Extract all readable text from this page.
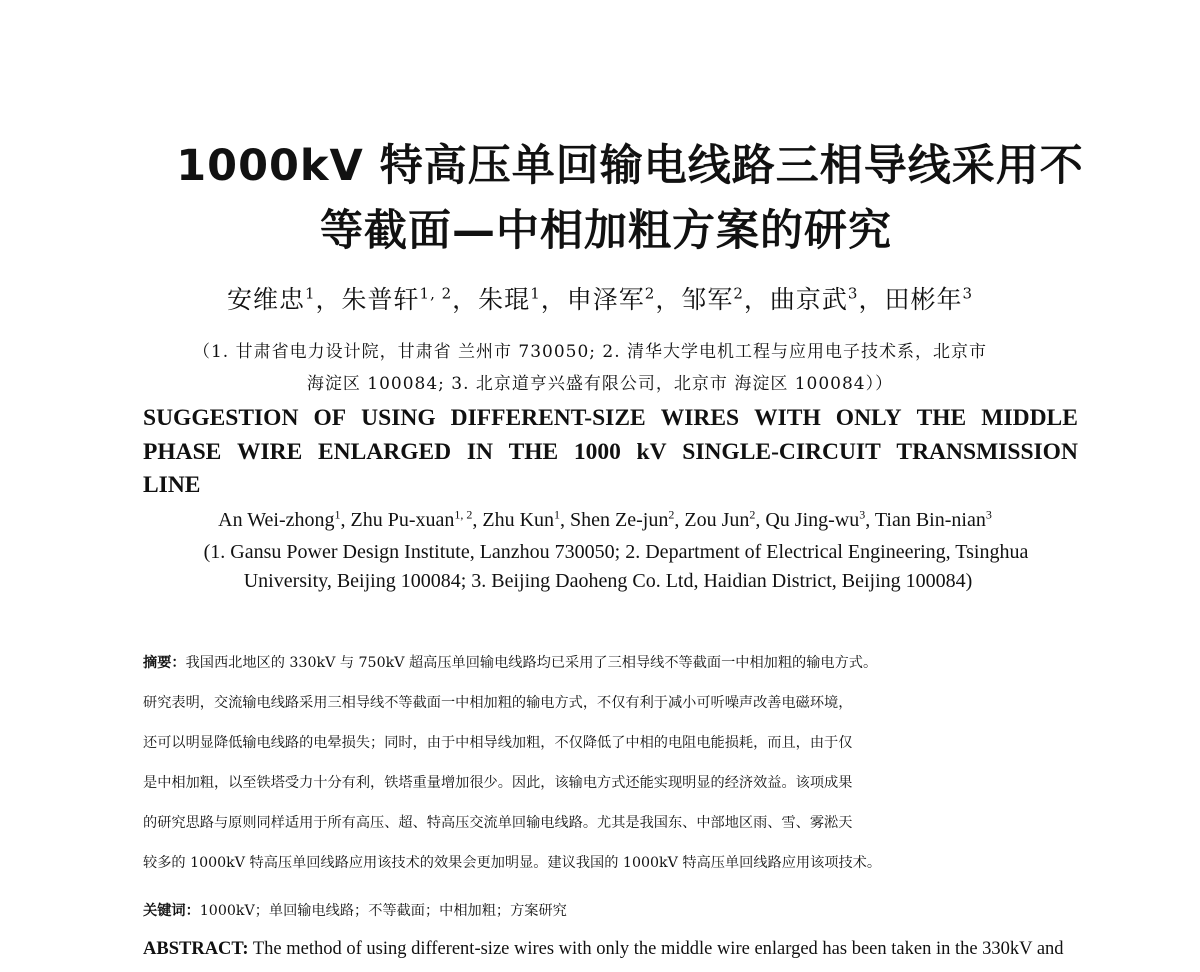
1000kV 特高压单回输电线路三相导线采用不
等截面—中相加粗方案的研究
安维忠$^1$，朱普轩$^{1, 2}$，朱琨$^1$，申泽军$^2$，邹军$^2$，曲京武$^3$，田彬年$^3$
（1. 甘肃省电力设计院，甘肃省 兰州市 730050; 2. 清华大学电机工程与应用电子技术系，北京市
海淀区 100084; 3. 北京道亨兴盛有限公司，北京市 海淀区 100084））
SUGGESTION OF USING DIFFERENT-SIZE WIRES WITH ONLY THE MIDDLE
PHASE WIRE ENLARGED IN THE 1000 kV SINGLE-CIRCUIT TRANSMISSION
LINE
An Wei-zhong$^1$, Zhu Pu-xuan$^{1, 2}$, Zhu Kun$^1$, Shen Ze-jun$^2$, Zou Jun$^2$, Qu Jing-$wu^3$, Tian Bin-nian$^3$
(1. Gansu Power Design Institute, Lanzhou 730050; 2. Department of Electrical Engineering, Tsinghua
University, Beijing 100084; 3. Beijing Daoheng Co. Ltd, Haidian District, Beijing 100084)
摘要：我国西北地区的 330kV 与 750kV 超高压单回输电线路均已采用了三相导线不等截面一中相加粗的输电方式。
研究表明，交流输电线路采用三相导线不等截面一中相加粗的输电方式，不仅有利于减小可听噪声改善电磁环境，
还可以明显降低输电线路的电晕损失；同时，由于中相导线加粗，不仅降低了中相的电阻电能损耗，而且，由于仅
是中相加粗，以至铁塔受力十分有利，铁塔重量增加很少。因此，该输电方式还能实现明显的经济效益。该项成果
的研究思路与原则同样适用于所有高压、超、特高压交流单回输电线路。尤其是我国东、中部地区雨、雪、雾淞天
较多的 1000kV 特高压单回线路应用该技术的效果会更加明显。建议我国的 1000kV 特高压单回线路应用该项技术。
关键词：1000kV；单回输电线路；不等截面；中相加粗；方案研究
ABSTRACT: The method of using different-size wires with only the middle wire enlarged has been taken in the 330kV and
